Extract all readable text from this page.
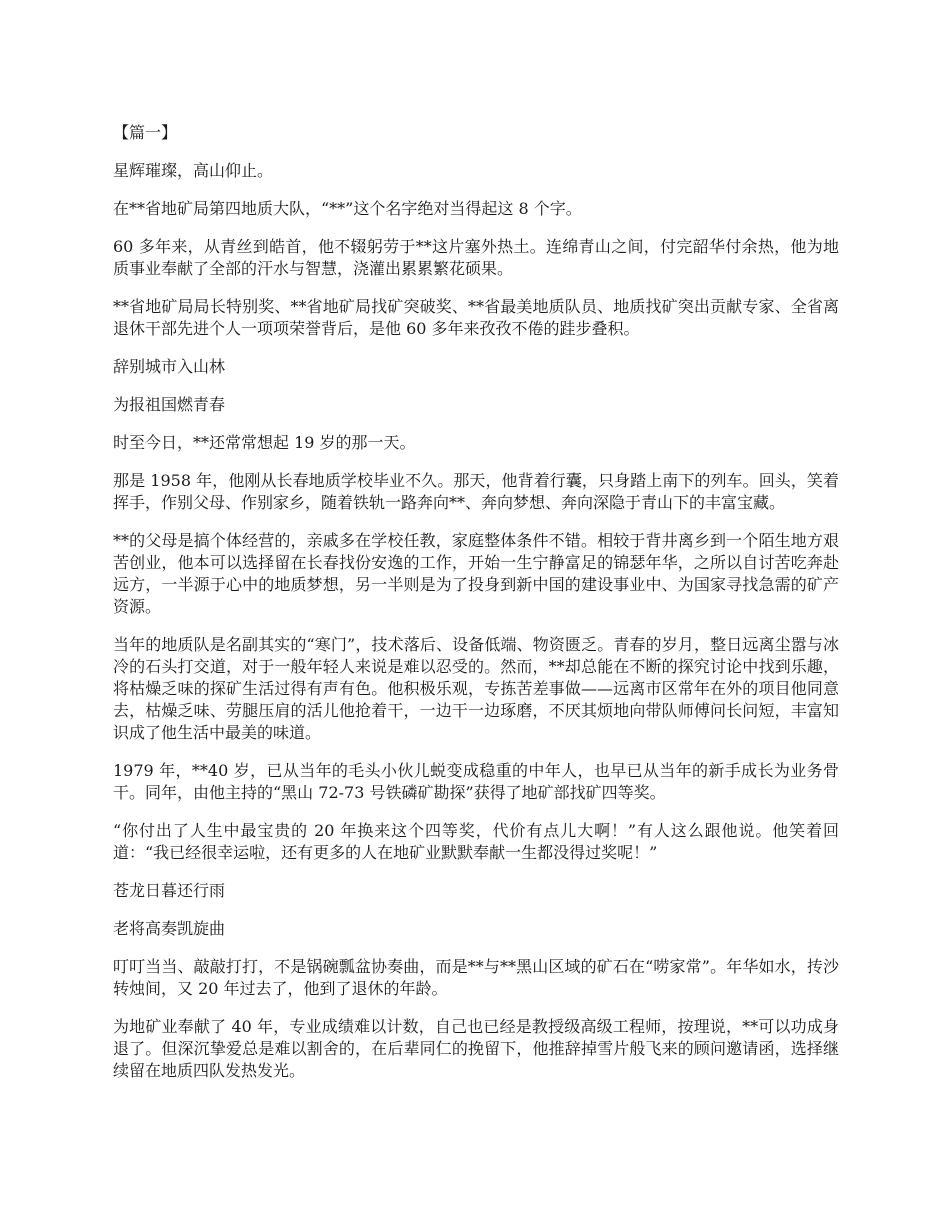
【篇一】
星辉璀璨，高山仰止。
在**省地矿局第四地质大队，“**”这个名字绝对当得起这 8 个字。
60 多年来，从青丝到皓首，他不辍躬劳于**这片塞外热土。连绵青山之间，付完韶华付余热，他为地质事业奉献了全部的汗水与智慧，浇灌出累累繁花硕果。
**省地矿局局长特别奖、**省地矿局找矿突破奖、**省最美地质队员、地质找矿突出贡献专家、全省离退休干部先进个人一项项荣誉背后，是他 60 多年来孜孜不倦的跬步叠积。
辞别城市入山林
为报祖国燃青春
时至今日，**还常常想起 19 岁的那一天。
那是 1958 年，他刚从长春地质学校毕业不久。那天，他背着行囊，只身踏上南下的列车。回头，笑着挥手，作别父母、作别家乡，随着铁轨一路奔向**、奔向梦想、奔向深隐于青山下的丰富宝藏。
**的父母是搞个体经营的，亲戚多在学校任教，家庭整体条件不错。相较于背井离乡到一个陌生地方艰苦创业，他本可以选择留在长春找份安逸的工作，开始一生宁静富足的锦瑟年华，之所以自讨苦吃奔赴远方，一半源于心中的地质梦想，另一半则是为了投身到新中国的建设事业中、为国家寻找急需的矿产资源。
当年的地质队是名副其实的“寒门”，技术落后、设备低端、物资匮乏。青春的岁月，整日远离尘嚣与冰冷的石头打交道，对于一般年轻人来说是难以忍受的。然而，**却总能在不断的探究讨论中找到乐趣，将枯燥乏味的探矿生活过得有声有色。他积极乐观，专拣苦差事做——远离市区常年在外的项目他同意去，枯燥乏味、劳腿压肩的活儿他抢着干，一边干一边琢磨，不厌其烦地向带队师傅问长问短，丰富知识成了他生活中最美的味道。
1979 年，**40 岁，已从当年的毛头小伙儿蜕变成稳重的中年人，也早已从当年的新手成长为业务骨干。同年，由他主持的“黑山 72-73 号铁磷矿勘探”获得了地矿部找矿四等奖。
“你付出了人生中最宝贵的 20 年换来这个四等奖，代价有点儿大啊！”有人这么跟他说。他笑着回道：“我已经很幸运啦，还有更多的人在地矿业默默奉献一生都没得过奖呢！”
苍龙日暮还行雨
老将高奏凯旋曲
叮叮当当、敲敲打打，不是锅碗瓢盆协奏曲，而是**与**黑山区域的矿石在“唠家常”。年华如水，抟沙转烛间，又 20 年过去了，他到了退休的年龄。
为地矿业奉献了 40 年，专业成绩难以计数，自己也已经是教授级高级工程师，按理说，**可以功成身退了。但深沉挚爱总是难以割舍的，在后辈同仁的挽留下，他推辞掉雪片般飞来的顾问邀请函，选择继续留在地质四队发热发光。
